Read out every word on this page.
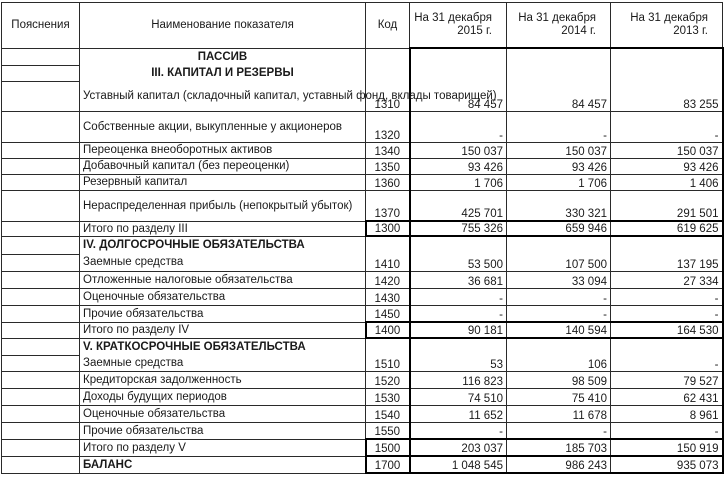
Пояснения	Наименование показателя	Код	На 31 декабря 2015 г.	На 31 декабря 2014 г.	На 31 декабря 2013 г.
	ПАССИВ				
	III. КАПИТАЛ И РЕЗЕРВЫ				
	Уставный капитал (складочный капитал, уставный фонд, вклады товарищей)	1310	84 457	84 457	83 255
	Собственные акции, выкупленные у акционеров	1320	-	-	-
	Переоценка внеоборотных активов	1340	150 037	150 037	150 037
	Добавочный капитал (без переоценки)	1350	93 426	93 426	93 426
	Резервный капитал	1360	1 706	1 706	1 406
	Нераспределенная прибыль (непокрытый убыток)	1370	425 701	330 321	291 501
	Итого по разделу III	1300	755 326	659 946	619 625
	IV. ДОЛГОСРОЧНЫЕ ОБЯЗАТЕЛЬСТВА				
	Заемные средства	1410	53 500	107 500	137 195
	Отложенные налоговые обязательства	1420	36 681	33 094	27 334
	Оценочные обязательства	1430	-	-	-
	Прочие обязательства	1450	-	-	-
	Итого по разделу IV	1400	90 181	140 594	164 530
	V. КРАТКОСРОЧНЫЕ ОБЯЗАТЕЛЬСТВА				
	Заемные средства	1510	53	106	-
	Кредиторская задолженность	1520	116 823	98 509	79 527
	Доходы будущих периодов	1530	74 510	75 410	62 431
	Оценочные обязательства	1540	11 652	11 678	8 961
	Прочие обязательства	1550	-	-	-
	Итого по разделу V	1500	203 037	185 703	150 919
	БАЛАНС	1700	1 048 545	986 243	935 073
